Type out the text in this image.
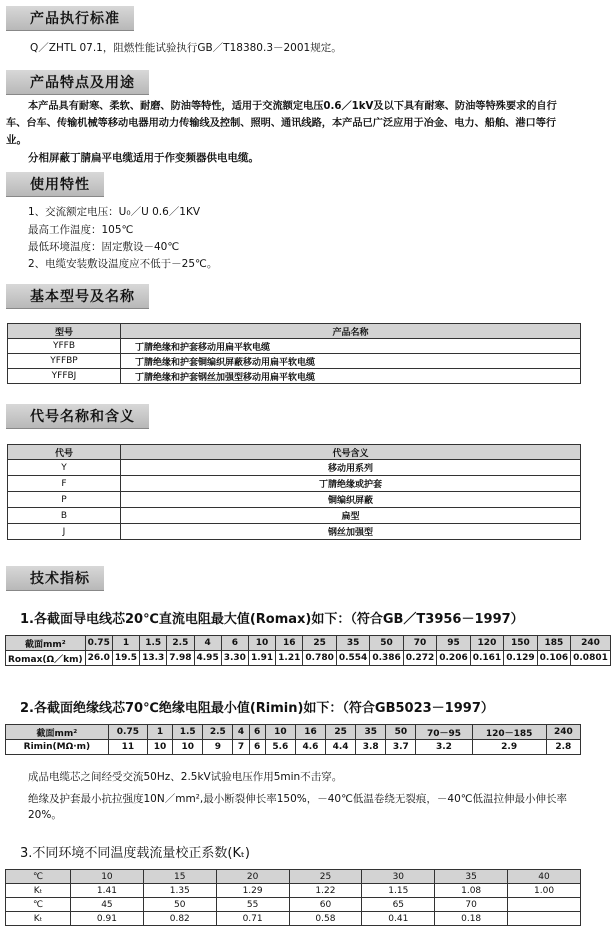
产品执行标准
Q／ZHTL 07.1，阻燃性能试验执行GB／T18380.3－2001规定。
产品特点及用途
本产品具有耐寒、柔软、耐磨、防油等特性，适用于交流额定电压0.6／1kV及以下具有耐寒、防油等特殊要求的自行
车、台车、传输机械等移动电器用动力传输线及控制、照明、通讯线路，本产品已广泛应用于冶金、电力、船舶、港口等行
业。
分相屏蔽丁腈扁平电缆适用于作变频器供电电缆。
使用特性
1、交流额定电压：U₀／U 0.6／1KV
最高工作温度：105℃
最低环境温度：固定敷设－40℃
2、电缆安装敷设温度应不低于－25℃。
基本型号及名称
型号	产品名称
YFFB	丁腈绝缘和护套移动用扁平软电缆
YFFBP	丁腈绝缘和护套铜编织屏蔽移动用扁平软电缆
YFFBJ	丁腈绝缘和护套钢丝加强型移动用扁平软电缆
代号名称和含义
代号	代号含义
Y	移动用系列
F	丁腈绝缘或护套
P	铜编织屏蔽
B	扁型
J	钢丝加强型
技术指标
1.各截面导电线芯20℃直流电阻最大值(Romax)如下：（符合GB／T3956－1997）
截面mm²	0.75	1	1.5	2.5	4	6	10	16	25	35	50	70	95	120	150	185	240
Romax(Ω／km)	26.0	19.5	13.3	7.98	4.95	3.30	1.91	1.21	0.780	0.554	0.386	0.272	0.206	0.161	0.129	0.106	0.0801
2.各截面绝缘线芯70℃绝缘电阻最小值(Rimin)如下：（符合GB5023－1997）
截面mm²	0.75	1	1.5	2.5	4	6	10	16	25	35	50	70－95	120－185	240
Rimin(MΩ·m)	11	10	10	9	7	6	5.6	4.6	4.4	3.8	3.7	3.2	2.9	2.8
成品电缆芯之间经受交流50Hz、2.5kV试验电压作用5min不击穿。
绝缘及护套最小抗拉强度10N／mm²,最小断裂伸长率150%，－40℃低温卷绕无裂痕，－40℃低温拉伸最小伸长率20%。
3.不同环境不同温度载流量校正系数(Kₜ)
℃	10	15	20	25	30	35	40
Kₜ	1.41	1.35	1.29	1.22	1.15	1.08	1.00
℃	45	50	55	60	65	70	
Kₜ	0.91	0.82	0.71	0.58	0.41	0.18	
